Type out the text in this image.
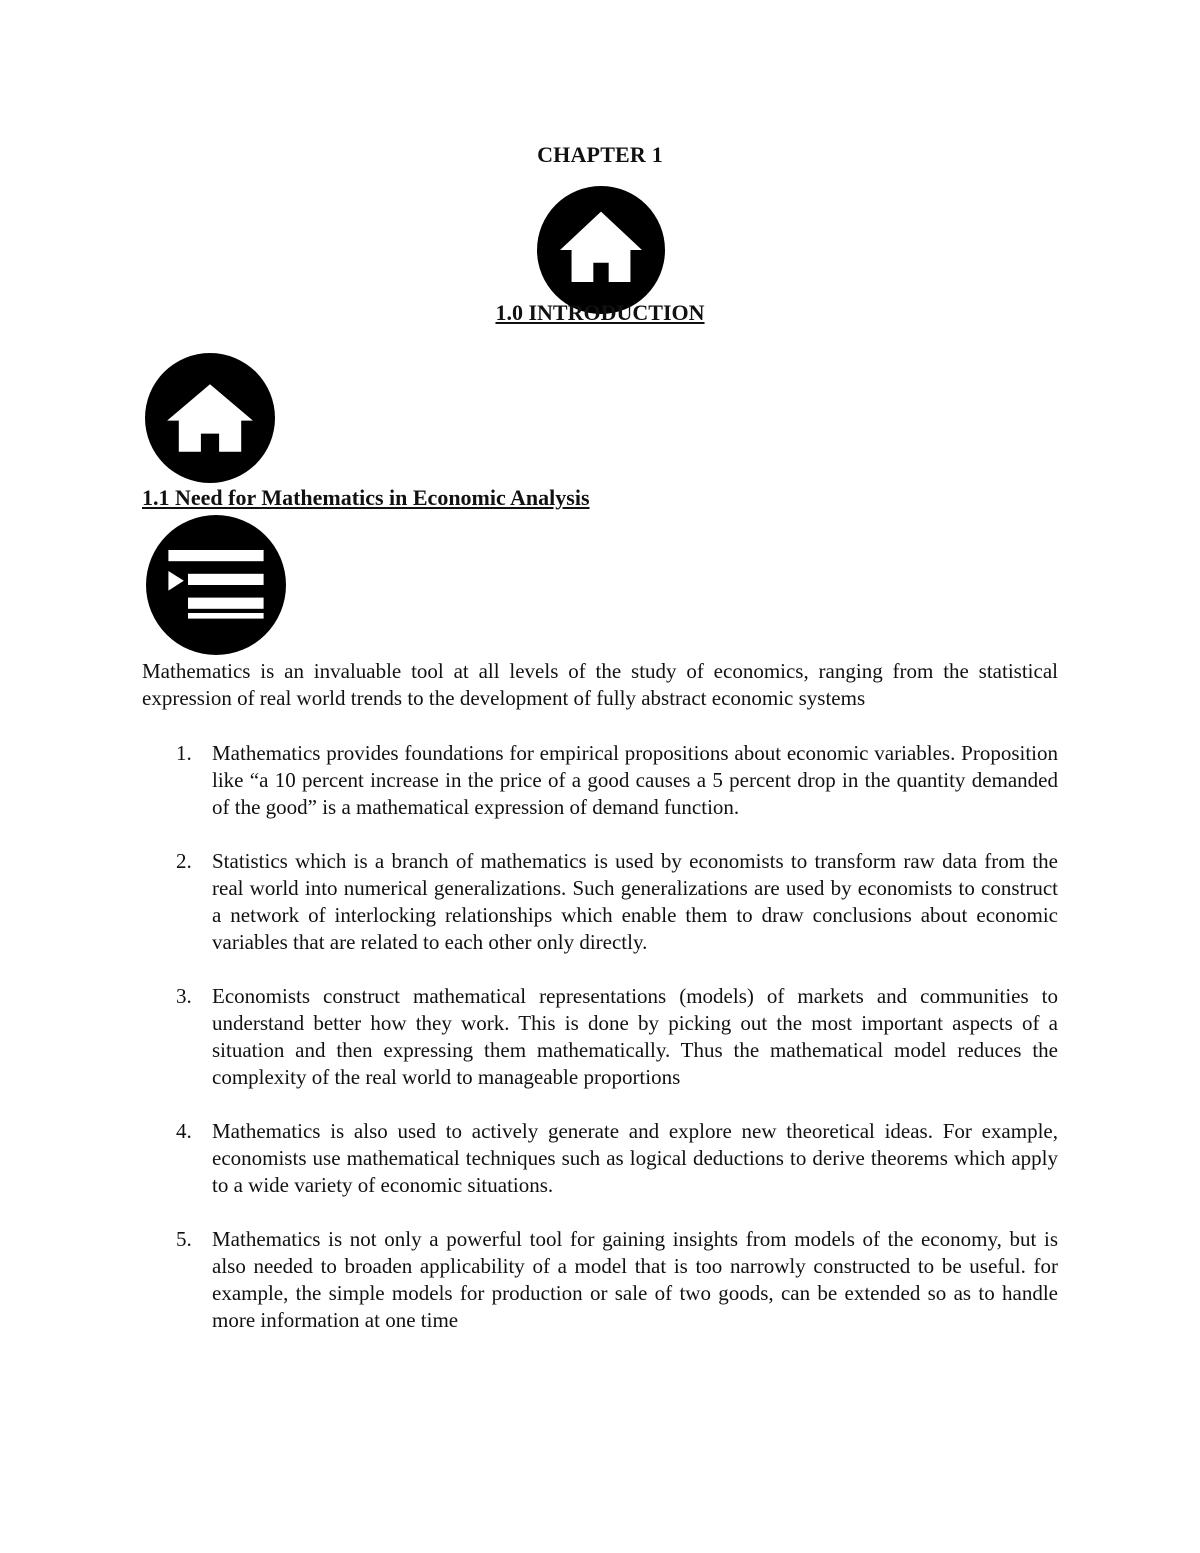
CHAPTER 1
1.0 INTRODUCTION
1.1 Need for Mathematics in Economic Analysis
Mathematics is an invaluable tool at all levels of the study of economics, ranging from the statistical expression of real world trends to the development of fully abstract economic systems
1. Mathematics provides foundations for empirical propositions about economic variables. Proposition like “a 10 percent increase in the price of a good causes a 5 percent drop in the quantity demanded of the good” is a mathematical expression of demand function.
2. Statistics which is a branch of mathematics is used by economists to transform raw data from the real world into numerical generalizations. Such generalizations are used by economists to construct a network of interlocking relationships which enable them to draw conclusions about economic variables that are related to each other only directly.
3. Economists construct mathematical representations (models) of markets and communities to understand better how they work. This is done by picking out the most important aspects of a situation and then expressing them mathematically. Thus the mathematical model reduces the complexity of the real world to manageable proportions
4. Mathematics is also used to actively generate and explore new theoretical ideas. For example, economists use mathematical techniques such as logical deductions to derive theorems which apply to a wide variety of economic situations.
5. Mathematics is not only a powerful tool for gaining insights from models of the economy, but is also needed to broaden applicability of a model that is too narrowly constructed to be useful. for example, the simple models for production or sale of two goods, can be extended so as to handle more information at one time
